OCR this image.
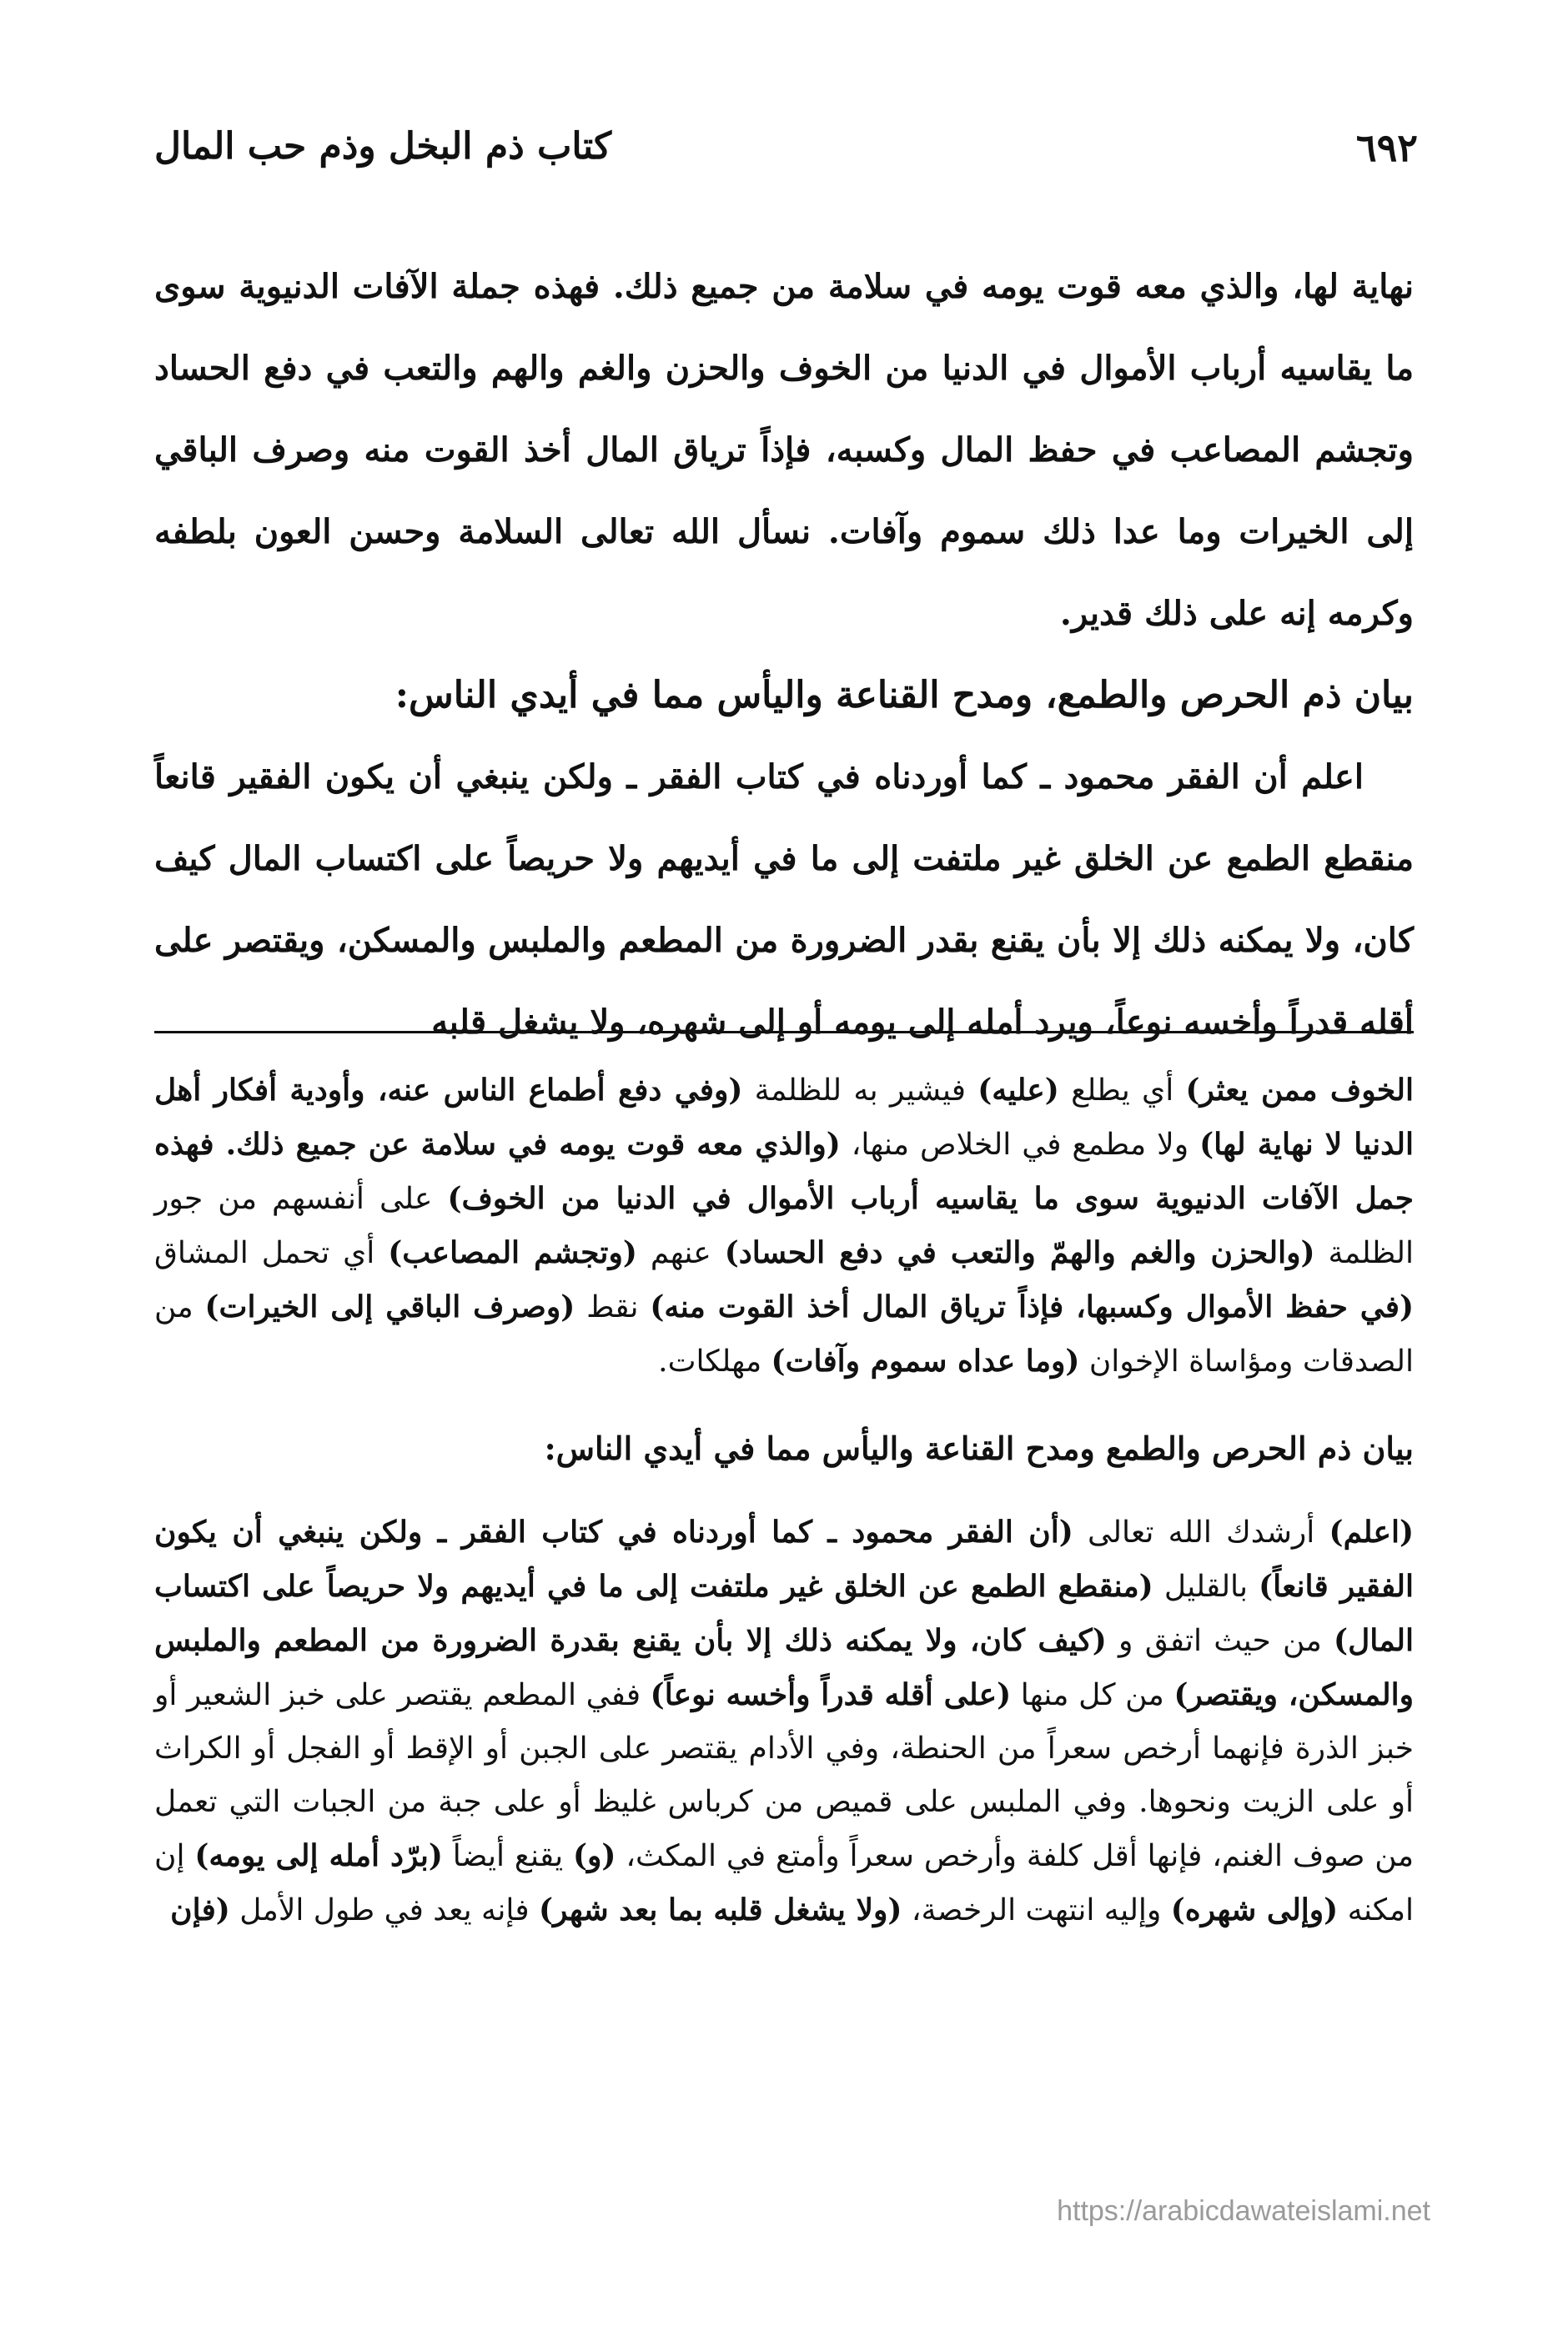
٦٩٢
كتاب ذم البخل وذم حب المال

نهاية لها، والذي معه قوت يومه في سلامة من جميع ذلك. فهذه جملة الآفات الدنيوية سوى ما يقاسيه أرباب الأموال في الدنيا من الخوف والحزن والغم والهم والتعب في دفع الحساد وتجشم المصاعب في حفظ المال وكسبه، فإذاً ترياق المال أخذ القوت منه وصرف الباقي إلى الخيرات وما عدا ذلك سموم وآفات. نسأل الله تعالى السلامة وحسن العون بلطفه وكرمه إنه على ذلك قدير.

بيان ذم الحرص والطمع، ومدح القناعة واليأس مما في أيدي الناس:

اعلم أن الفقر محمود ـ كما أوردناه في كتاب الفقر ـ ولكن ينبغي أن يكون الفقير قانعاً منقطع الطمع عن الخلق غير ملتفت إلى ما في أيديهم ولا حريصاً على اكتساب المال كيف كان، ولا يمكنه ذلك إلا بأن يقنع بقدر الضرورة من المطعم والملبس والمسكن، ويقتصر على أقله قدراً وأخسه نوعاً، ويرد أمله إلى يومه أو إلى شهره، ولا يشغل قلبه

الخوف ممن يعثر) أي يطلع (عليه) فيشير به للظلمة (وفي دفع أطماع الناس عنه، وأودية أفكار أهل الدنيا لا نهاية لها) ولا مطمع في الخلاص منها، (والذي معه قوت يومه في سلامة عن جميع ذلك. فهذه جمل الآفات الدنيوية سوى ما يقاسيه أرباب الأموال في الدنيا من الخوف) على أنفسهم من جور الظلمة (والحزن والغم والهمّ والتعب في دفع الحساد) عنهم (وتجشم المصاعب) أي تحمل المشاق (في حفظ الأموال وكسبها، فإذاً ترياق المال أخذ القوت منه) نقط (وصرف الباقي إلى الخيرات) من الصدقات ومؤاساة الإخوان (وما عداه سموم وآفات) مهلكات.

بيان ذم الحرص والطمع ومدح القناعة واليأس مما في أيدي الناس:

(اعلم) أرشدك الله تعالى (أن الفقر محمود ـ كما أوردناه في كتاب الفقر ـ ولكن ينبغي أن يكون الفقير قانعاً) بالقليل (منقطع الطمع عن الخلق غير ملتفت إلى ما في أيديهم ولا حريصاً على اكتساب المال) من حيث اتفق و (كيف كان، ولا يمكنه ذلك إلا بأن يقنع بقدرة الضرورة من المطعم والملبس والمسكن، ويقتصر) من كل منها (على أقله قدراً وأخسه نوعاً) ففي المطعم يقتصر على خبز الشعير أو خبز الذرة فإنهما أرخص سعراً من الحنطة، وفي الأدام يقتصر على الجبن أو الإقط أو الفجل أو الكراث أو على الزيت ونحوها. وفي الملبس على قميص من كرباس غليظ أو على جبة من الجبات التي تعمل من صوف الغنم، فإنها أقل كلفة وأرخص سعراً وأمتع في المكث، (و) يقنع أيضاً (برّد أمله إلى يومه) إن امكنه (وإلى شهره) وإليه انتهت الرخصة، (ولا يشغل قلبه بما بعد شهر) فإنه يعد في طول الأمل (فإن

https://arabicdawateislami.net
